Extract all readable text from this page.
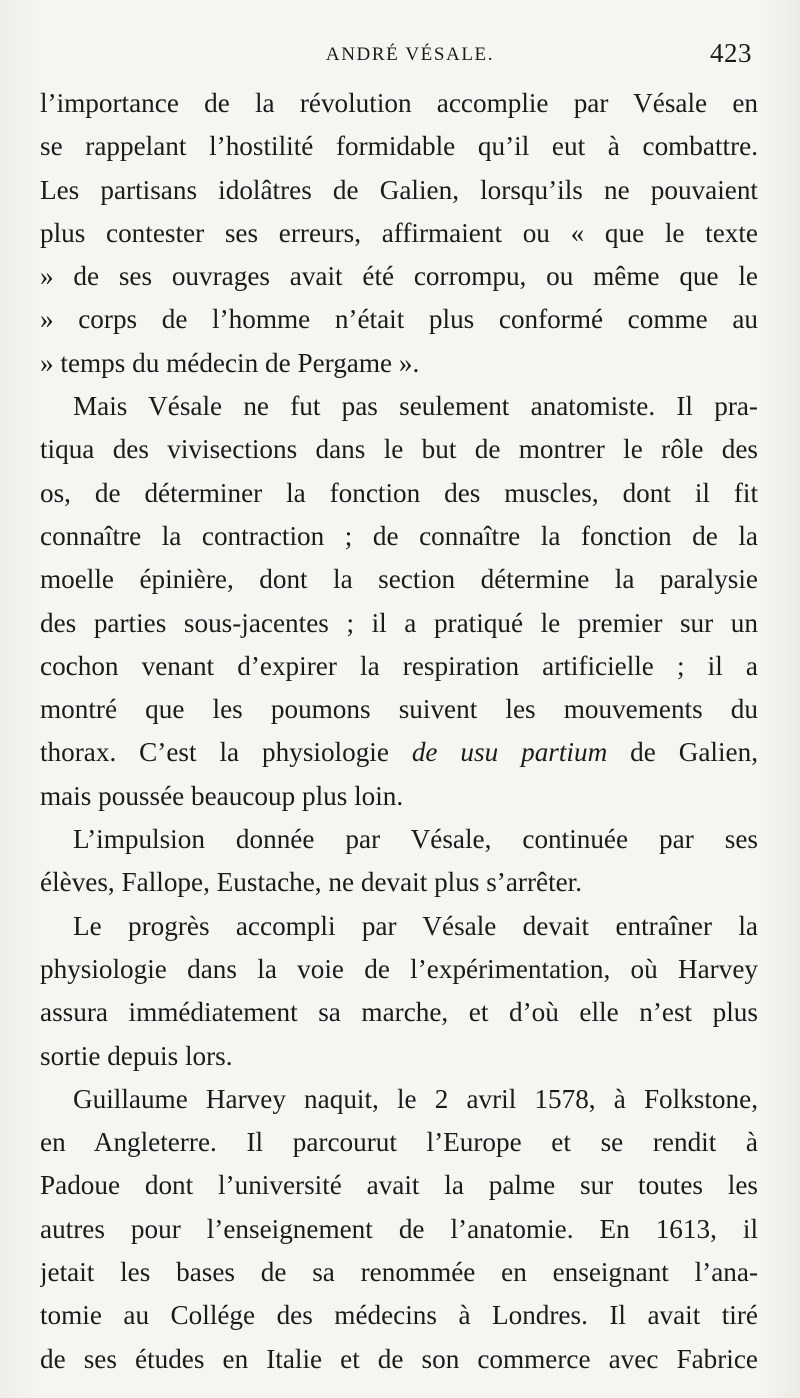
ANDRÉ VÉSALE.	423
l’importance de la révolution accomplie par Vésale en
se rappelant l’hostilité formidable qu’il eut à combattre.
Les partisans idolâtres de Galien, lorsqu’ils ne pouvaient
plus contester ses erreurs, affirmaient ou « que le texte
» de ses ouvrages avait été corrompu, ou même que le
» corps de l’homme n’était plus conformé comme au
» temps du médecin de Pergame ».
Mais Vésale ne fut pas seulement anatomiste. Il pra-
tiqua des vivisections dans le but de montrer le rôle des
os, de déterminer la fonction des muscles, dont il fit
connaître la contraction ; de connaître la fonction de la
moelle épinière, dont la section détermine la paralysie
des parties sous-jacentes ; il a pratiqué le premier sur un
cochon venant d’expirer la respiration artificielle ; il a
montré que les poumons suivent les mouvements du
thorax. C’est la physiologie de usu partium de Galien,
mais poussée beaucoup plus loin.
L’impulsion donnée par Vésale, continuée par ses
élèves, Fallope, Eustache, ne devait plus s’arrêter.
Le progrès accompli par Vésale devait entraîner la
physiologie dans la voie de l’expérimentation, où Harvey
assura immédiatement sa marche, et d’où elle n’est plus
sortie depuis lors.
Guillaume Harvey naquit, le 2 avril 1578, à Folkstone,
en Angleterre. Il parcourut l’Europe et se rendit à
Padoue dont l’université avait la palme sur toutes les
autres pour l’enseignement de l’anatomie. En 1613, il
jetait les bases de sa renommée en enseignant l’ana-
tomie au Collége des médecins à Londres. Il avait tiré
de ses études en Italie et de son commerce avec Fabrice
